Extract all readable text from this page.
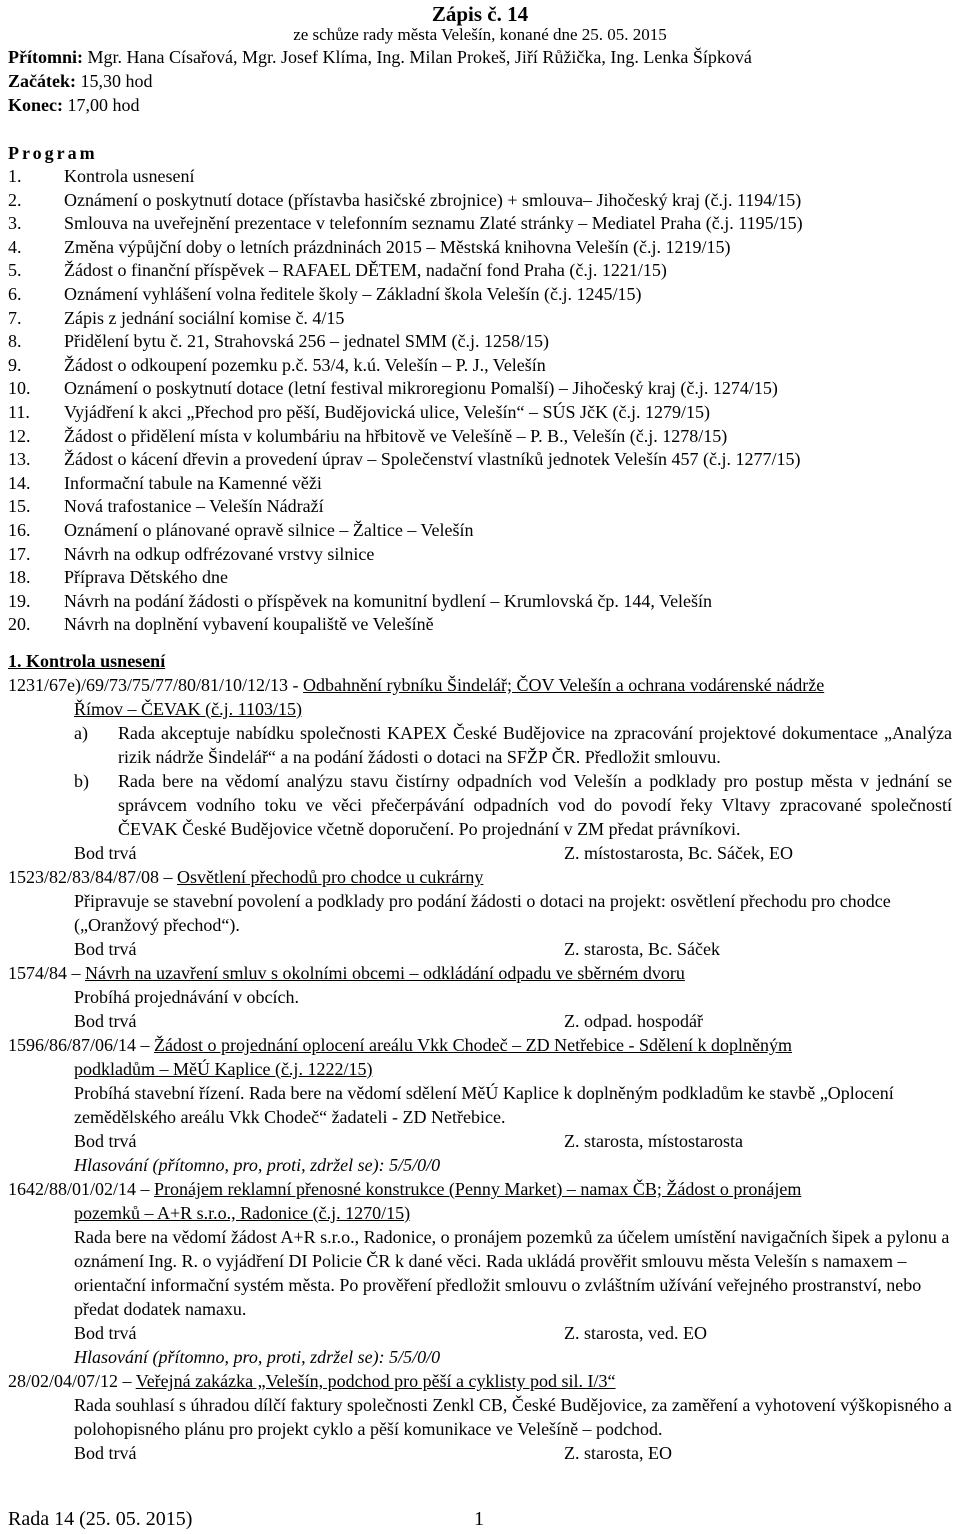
Zápis č. 14
ze schůze rady města Velešín, konané dne 25. 05. 2015
Přítomni: Mgr. Hana Císařová, Mgr. Josef Klíma, Ing. Milan Prokeš, Jiří Růžička, Ing. Lenka Šípková
Začátek: 15,30 hod
Konec: 17,00 hod
Program
1.	Kontrola usnesení
2.	Oznámení o poskytnutí dotace (přístavba hasičské zbrojnice) + smlouva– Jihočeský kraj (č.j. 1194/15)
3.	Smlouva na uveřejnění prezentace v telefonním seznamu Zlaté stránky – Mediatel Praha (č.j. 1195/15)
4.	Změna výpůjční doby o letních prázdninách 2015 – Městská knihovna Velešín (č.j. 1219/15)
5.	Žádost o finanční příspěvek – RAFAEL DĚTEM, nadační fond Praha (č.j. 1221/15)
6.	Oznámení vyhlášení volna ředitele školy – Základní škola Velešín (č.j. 1245/15)
7.	Zápis z jednání sociální komise č. 4/15
8.	Přidělení bytu č. 21, Strahovská 256 – jednatel SMM (č.j. 1258/15)
9.	Žádost o odkoupení pozemku p.č. 53/4, k.ú. Velešín – P. J., Velešín
10.	Oznámení o poskytnutí dotace (letní festival mikroregionu Pomalší) – Jihočeský kraj (č.j. 1274/15)
11.	Vyjádření k akci „Přechod pro pěší, Budějovická ulice, Velešín“ – SÚS JčK (č.j. 1279/15)
12.	Žádost o přidělení místa v kolumbáriu na hřbitově ve Velešíně – P. B., Velešín (č.j. 1278/15)
13.	Žádost o kácení dřevin a provedení úprav – Společenství vlastníků jednotek Velešín 457 (č.j. 1277/15)
14.	Informační tabule na Kamenné věži
15.	Nová trafostanice – Velešín Nádraží
16.	Oznámení o plánované opravě silnice – Žaltice – Velešín
17.	Návrh na odkup odfrézované vrstvy silnice
18.	Příprava Dětského dne
19.	Návrh na podání žádosti o příspěvek na komunitní bydlení – Krumlovská čp. 144, Velešín
20.	Návrh na doplnění vybavení koupaliště ve Velešíně
1. Kontrola usnesení
1231/67e)/69/73/75/77/80/81/10/12/13 - Odbahnění rybníku Šindelář; ČOV Velešín a ochrana vodárenské nádrže
Římov – ČEVAK (č.j. 1103/15)
a)	Rada akceptuje nabídku společnosti KAPEX České Budějovice na zpracování projektové dokumentace „Analýza rizik nádrže Šindelář“ a na podání žádosti o dotaci na SFŽP ČR. Předložit smlouvu.
b)	Rada bere na vědomí analýzu stavu čistírny odpadních vod Velešín a podklady pro postup města v jednání se správcem vodního toku ve věci přečerpávání odpadních vod do povodí řeky Vltavy zpracované společností ČEVAK České Budějovice včetně doporučení. Po projednání v ZM předat právníkovi.
Bod trvá	Z. místostarosta, Bc. Sáček, EO
1523/82/83/84/87/08 – Osvětlení přechodů pro chodce u cukrárny
Připravuje se stavební povolení a podklady pro podání žádosti o dotaci na projekt: osvětlení přechodu pro chodce („Oranžový přechod“).
Bod trvá	Z. starosta, Bc. Sáček
1574/84 – Návrh na uzavření smluv s okolními obcemi – odkládání odpadu ve sběrném dvoru
Probíhá projednávání v obcích.
Bod trvá	Z. odpad. hospodář
1596/86/87/06/14 – Žádost o projednání oplocení areálu Vkk Chodeč – ZD Netřebice - Sdělení k doplněným
podkladům – MěÚ Kaplice (č.j. 1222/15)
Probíhá stavební řízení. Rada bere na vědomí sdělení MěÚ Kaplice k doplněným podkladům ke stavbě „Oplocení zemědělského areálu Vkk Chodeč“ žadateli - ZD Netřebice.
Bod trvá	Z. starosta, místostarosta
Hlasování (přítomno, pro, proti, zdržel se): 5/5/0/0
1642/88/01/02/14 – Pronájem reklamní přenosné konstrukce (Penny Market) – namax ČB; Žádost o pronájem
pozemků – A+R s.r.o., Radonice (č.j. 1270/15)
Rada bere na vědomí žádost A+R s.r.o., Radonice, o pronájem pozemků za účelem umístění navigačních šipek a pylonu a oznámení Ing. R. o vyjádření DI Policie ČR k dané věci. Rada ukládá prověřit smlouvu města Velešín s namaxem – orientační informační systém města. Po prověření předložit smlouvu o zvláštním užívání veřejného prostranství, nebo předat dodatek namaxu.
Bod trvá	Z. starosta, ved. EO
Hlasování (přítomno, pro, proti, zdržel se): 5/5/0/0
28/02/04/07/12 – Veřejná zakázka „Velešín, podchod pro pěší a cyklisty pod sil. I/3“
Rada souhlasí s úhradou dílčí faktury společnosti Zenkl CB, České Budějovice, za zaměření a vyhotovení výškopisného a polohopisného plánu pro projekt cyklo a pěší komunikace ve Velešíně – podchod.
Bod trvá	Z. starosta, EO
Rada 14 (25. 05. 2015)	1
